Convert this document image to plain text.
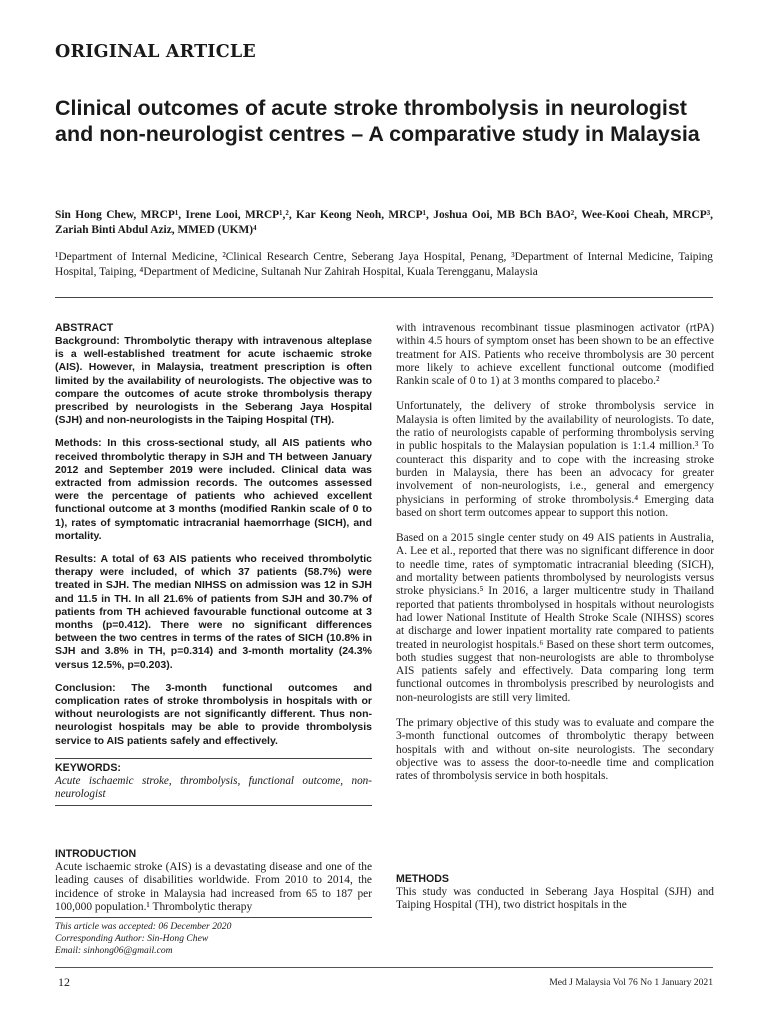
ORIGINAL ARTICLE
Clinical outcomes of acute stroke thrombolysis in neurologist and non-neurologist centres – A comparative study in Malaysia
Sin Hong Chew, MRCP¹, Irene Looi, MRCP¹,², Kar Keong Neoh, MRCP¹, Joshua Ooi, MB BCh BAO², Wee-Kooi Cheah, MRCP³, Zariah Binti Abdul Aziz, MMED (UKM)⁴
¹Department of Internal Medicine, ²Clinical Research Centre, Seberang Jaya Hospital, Penang, ³Department of Internal Medicine, Taiping Hospital, Taiping, ⁴Department of Medicine, Sultanah Nur Zahirah Hospital, Kuala Terengganu, Malaysia
ABSTRACT

Background: Thrombolytic therapy with intravenous alteplase is a well-established treatment for acute ischaemic stroke (AIS). However, in Malaysia, treatment prescription is often limited by the availability of neurologists. The objective was to compare the outcomes of acute stroke thrombolysis therapy prescribed by neurologists in the Seberang Jaya Hospital (SJH) and non-neurologists in the Taiping Hospital (TH).

Methods: In this cross-sectional study, all AIS patients who received thrombolytic therapy in SJH and TH between January 2012 and September 2019 were included. Clinical data was extracted from admission records. The outcomes assessed were the percentage of patients who achieved excellent functional outcome at 3 months (modified Rankin scale of 0 to 1), rates of symptomatic intracranial haemorrhage (SICH), and mortality.

Results: A total of 63 AIS patients who received thrombolytic therapy were included, of which 37 patients (58.7%) were treated in SJH. The median NIHSS on admission was 12 in SJH and 11.5 in TH. In all 21.6% of patients from SJH and 30.7% of patients from TH achieved favourable functional outcome at 3 months (p=0.412). There were no significant differences between the two centres in terms of the rates of SICH (10.8% in SJH and 3.8% in TH, p=0.314) and 3-month mortality (24.3% versus 12.5%, p=0.203).

Conclusion: The 3-month functional outcomes and complication rates of stroke thrombolysis in hospitals with or without neurologists are not significantly different. Thus non-neurologist hospitals may be able to provide thrombolysis service to AIS patients safely and effectively.

KEYWORDS:
Acute ischaemic stroke, thrombolysis, functional outcome, non-neurologist
INTRODUCTION

Acute ischaemic stroke (AIS) is a devastating disease and one of the leading causes of disabilities worldwide. From 2010 to 2014, the incidence of stroke in Malaysia had increased from 65 to 187 per 100,000 population.¹ Thrombolytic therapy

with intravenous recombinant tissue plasminogen activator (rtPA) within 4.5 hours of symptom onset has been shown to be an effective treatment for AIS. Patients who receive thrombolysis are 30 percent more likely to achieve excellent functional outcome (modified Rankin scale of 0 to 1) at 3 months compared to placebo.²

Unfortunately, the delivery of stroke thrombolysis service in Malaysia is often limited by the availability of neurologists. To date, the ratio of neurologists capable of performing thrombolysis serving in public hospitals to the Malaysian population is 1:1.4 million.³ To counteract this disparity and to cope with the increasing stroke burden in Malaysia, there has been an advocacy for greater involvement of non-neurologists, i.e., general and emergency physicians in performing of stroke thrombolysis.⁴ Emerging data based on short term outcomes appear to support this notion.

Based on a 2015 single center study on 49 AIS patients in Australia, A. Lee et al., reported that there was no significant difference in door to needle time, rates of symptomatic intracranial bleeding (SICH), and mortality between patients thrombolysed by neurologists versus stroke physicians.⁵ In 2016, a larger multicentre study in Thailand reported that patients thrombolysed in hospitals without neurologists had lower National Institute of Health Stroke Scale (NIHSS) scores at discharge and lower inpatient mortality rate compared to patients treated in neurologist hospitals.⁶ Based on these short term outcomes, both studies suggest that non-neurologists are able to thrombolyse AIS patients safely and effectively. Data comparing long term functional outcomes in thrombolysis prescribed by neurologists and non-neurologists are still very limited.

The primary objective of this study was to evaluate and compare the 3-month functional outcomes of thrombolytic therapy between hospitals with and without on-site neurologists. The secondary objective was to assess the door-to-needle time and complication rates of thrombolysis service in both hospitals.

METHODS

This study was conducted in Seberang Jaya Hospital (SJH) and Taiping Hospital (TH), two district hospitals in the

This article was accepted: 06 December 2020
Corresponding Author: Sin-Hong Chew
Email: sinhong06@gmail.com
12	Med J Malaysia Vol 76 No 1 January 2021
